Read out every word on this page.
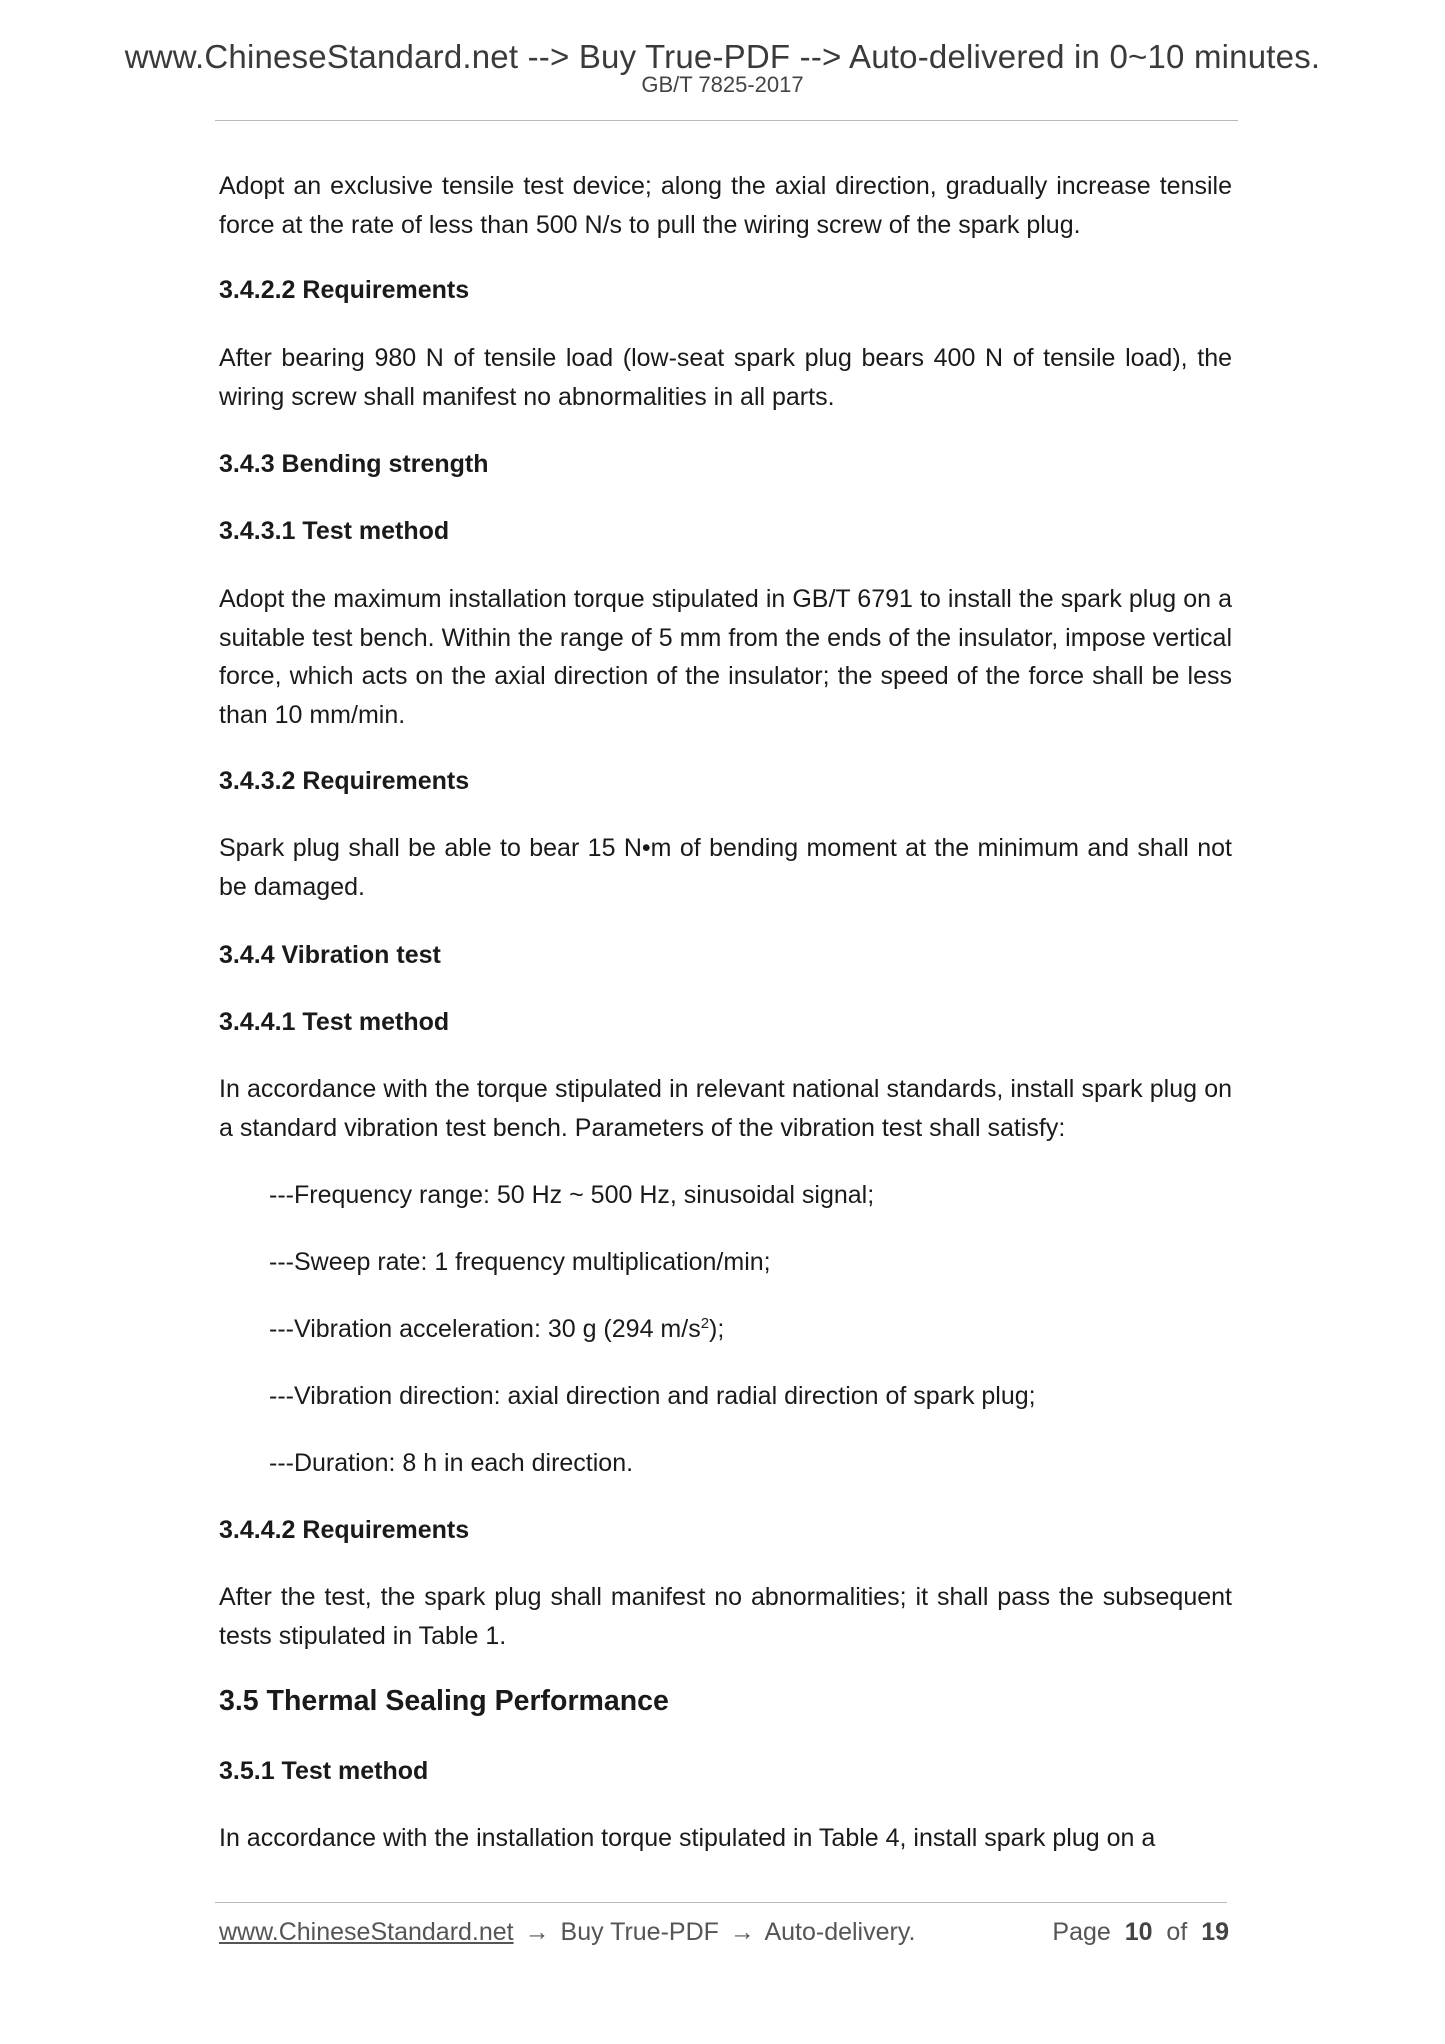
www.ChineseStandard.net --> Buy True-PDF --> Auto-delivered in 0~10 minutes.
GB/T 7825-2017
Adopt an exclusive tensile test device; along the axial direction, gradually increase tensile force at the rate of less than 500 N/s to pull the wiring screw of the spark plug.
3.4.2.2 Requirements
After bearing 980 N of tensile load (low-seat spark plug bears 400 N of tensile load), the wiring screw shall manifest no abnormalities in all parts.
3.4.3 Bending strength
3.4.3.1 Test method
Adopt the maximum installation torque stipulated in GB/T 6791 to install the spark plug on a suitable test bench. Within the range of 5 mm from the ends of the insulator, impose vertical force, which acts on the axial direction of the insulator; the speed of the force shall be less than 10 mm/min.
3.4.3.2 Requirements
Spark plug shall be able to bear 15 N•m of bending moment at the minimum and shall not be damaged.
3.4.4 Vibration test
3.4.4.1 Test method
In accordance with the torque stipulated in relevant national standards, install spark plug on a standard vibration test bench. Parameters of the vibration test shall satisfy:
---Frequency range: 50 Hz ~ 500 Hz, sinusoidal signal;
---Sweep rate: 1 frequency multiplication/min;
---Vibration acceleration: 30 g (294 $m/s^2$);
---Vibration direction: axial direction and radial direction of spark plug;
---Duration: 8 h in each direction.
3.4.4.2 Requirements
After the test, the spark plug shall manifest no abnormalities; it shall pass the subsequent tests stipulated in Table 1.
3.5 Thermal Sealing Performance
3.5.1 Test method
In accordance with the installation torque stipulated in Table 4, install spark plug on a
www.ChineseStandard.net → Buy True-PDF → Auto-delivery.	Page 10 of 19
